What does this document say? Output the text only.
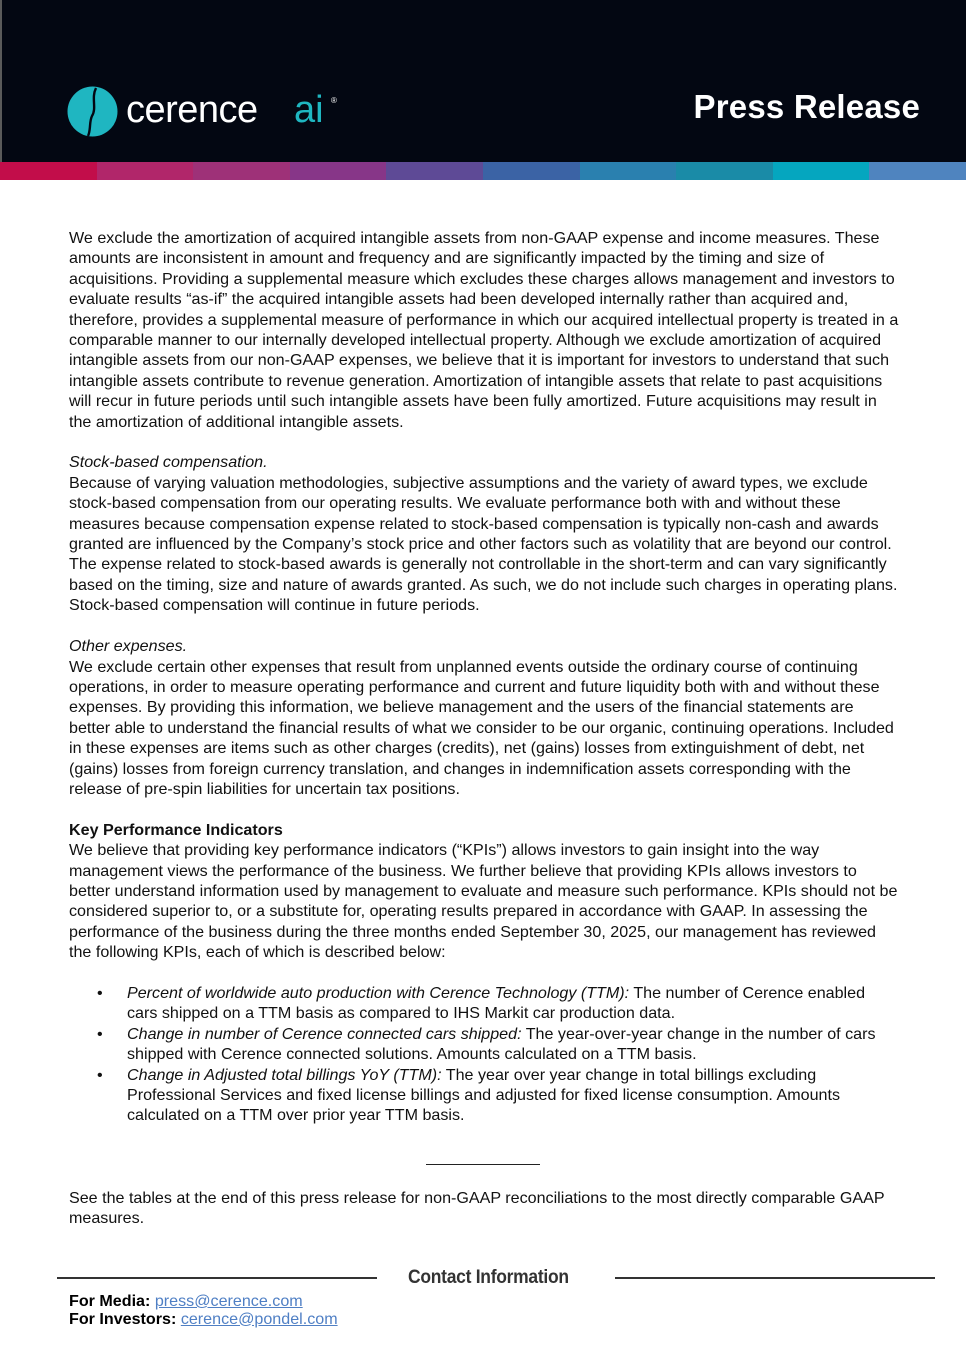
cerence ai ®	Press Release

We exclude the amortization of acquired intangible assets from non-GAAP expense and income measures. These amounts are inconsistent in amount and frequency and are significantly impacted by the timing and size of acquisitions. Providing a supplemental measure which excludes these charges allows management and investors to evaluate results “as-if” the acquired intangible assets had been developed internally rather than acquired and, therefore, provides a supplemental measure of performance in which our acquired intellectual property is treated in a comparable manner to our internally developed intellectual property. Although we exclude amortization of acquired intangible assets from our non-GAAP expenses, we believe that it is important for investors to understand that such intangible assets contribute to revenue generation. Amortization of intangible assets that relate to past acquisitions will recur in future periods until such intangible assets have been fully amortized. Future acquisitions may result in the amortization of additional intangible assets.

Stock-based compensation.

Because of varying valuation methodologies, subjective assumptions and the variety of award types, we exclude stock-based compensation from our operating results. We evaluate performance both with and without these measures because compensation expense related to stock-based compensation is typically non-cash and awards granted are influenced by the Company’s stock price and other factors such as volatility that are beyond our control. The expense related to stock-based awards is generally not controllable in the short-term and can vary significantly based on the timing, size and nature of awards granted. As such, we do not include such charges in operating plans. Stock-based compensation will continue in future periods.

Other expenses.

We exclude certain other expenses that result from unplanned events outside the ordinary course of continuing operations, in order to measure operating performance and current and future liquidity both with and without these expenses. By providing this information, we believe management and the users of the financial statements are better able to understand the financial results of what we consider to be our organic, continuing operations. Included in these expenses are items such as other charges (credits), net (gains) losses from extinguishment of debt, net (gains) losses from foreign currency translation, and changes in indemnification assets corresponding with the release of pre-spin liabilities for uncertain tax positions.

Key Performance Indicators

We believe that providing key performance indicators (“KPIs”) allows investors to gain insight into the way management views the performance of the business. We further believe that providing KPIs allows investors to better understand information used by management to evaluate and measure such performance. KPIs should not be considered superior to, or a substitute for, operating results prepared in accordance with GAAP. In assessing the performance of the business during the three months ended September 30, 2025, our management has reviewed the following KPIs, each of which is described below:

• Percent of worldwide auto production with Cerence Technology (TTM): The number of Cerence enabled cars shipped on a TTM basis as compared to IHS Markit car production data.
• Change in number of Cerence connected cars shipped: The year-over-year change in the number of cars shipped with Cerence connected solutions. Amounts calculated on a TTM basis.
• Change in Adjusted total billings YoY (TTM): The year over year change in total billings excluding Professional Services and fixed license billings and adjusted for fixed license consumption. Amounts calculated on a TTM over prior year TTM basis.

See the tables at the end of this press release for non-GAAP reconciliations to the most directly comparable GAAP measures.

Contact Information
For Media: press@cerence.com
For Investors: cerence@pondel.com
